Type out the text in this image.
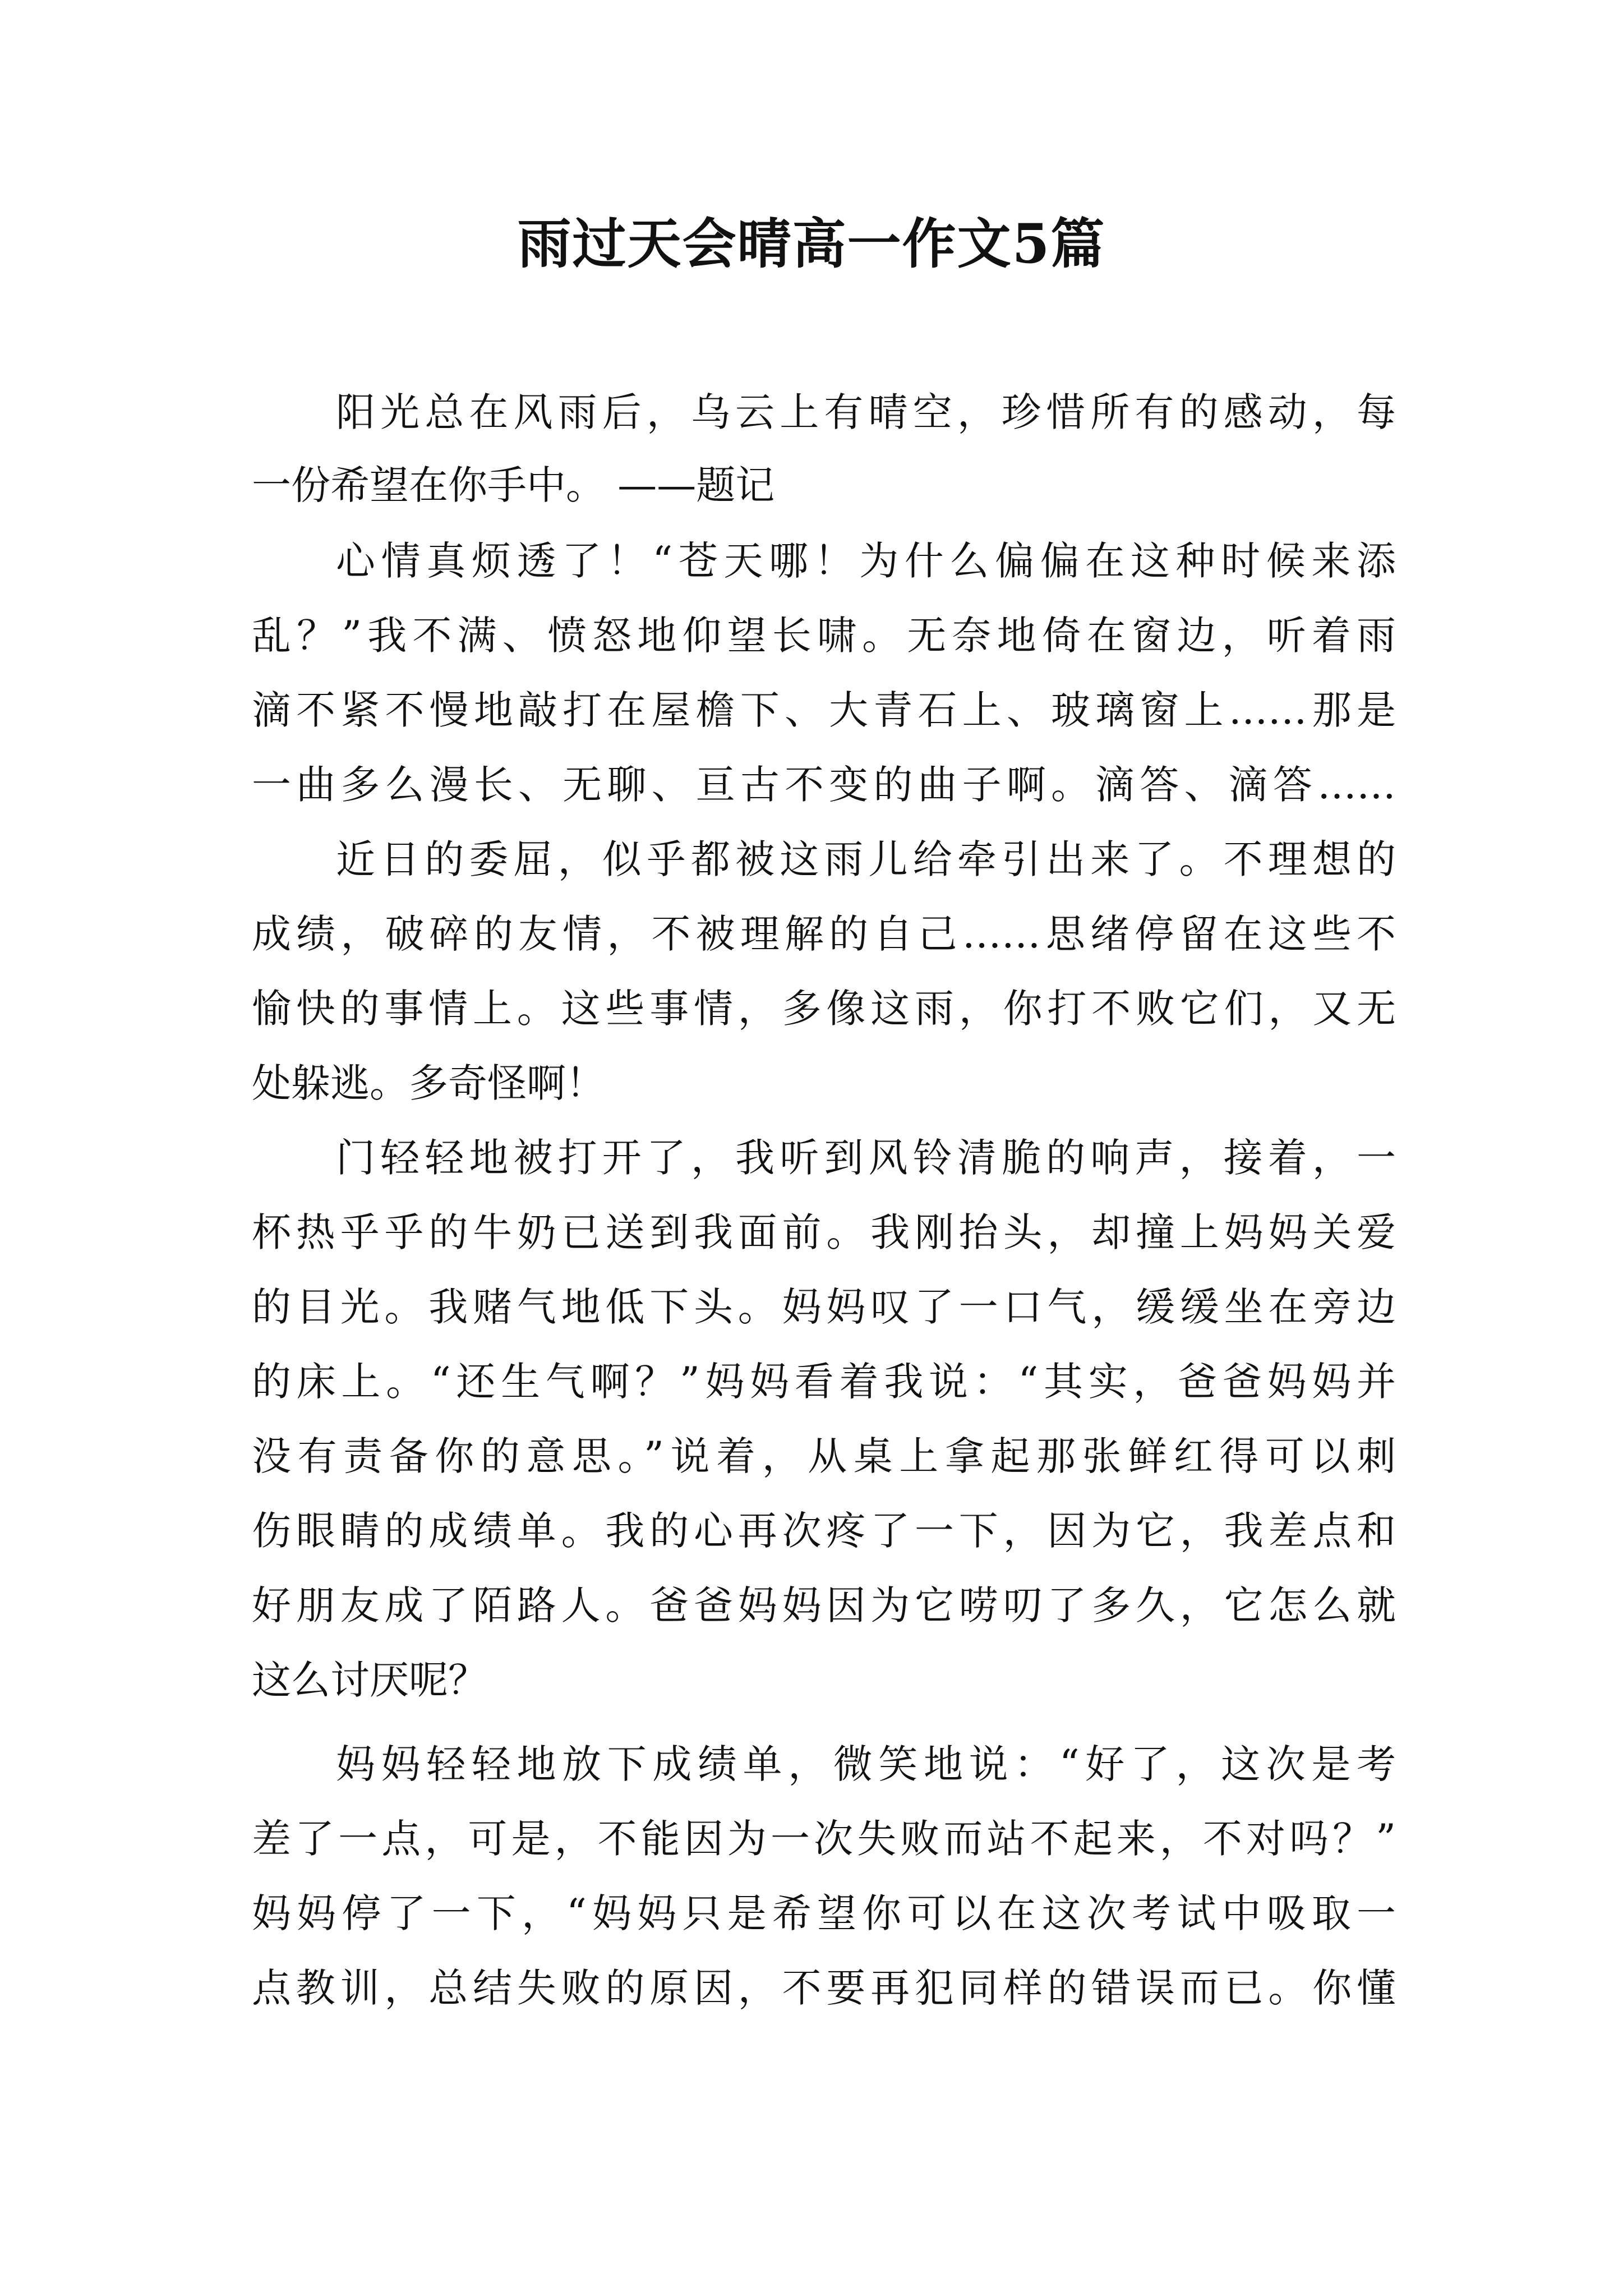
雨过天会晴高一作文5篇
阳光总在风雨后，乌云上有晴空，珍惜所有的感动，每
一份希望在你手中。 ——题记
心情真烦透了！“苍天哪！为什么偏偏在这种时候来添
乱？”我不满、愤怒地仰望长啸。无奈地倚在窗边，听着雨
滴不紧不慢地敲打在屋檐下、大青石上、玻璃窗上……那是
一曲多么漫长、无聊、亘古不变的曲子啊。滴答、滴答……
近日的委屈，似乎都被这雨儿给牵引出来了。不理想的
成绩，破碎的友情，不被理解的自己……思绪停留在这些不
愉快的事情上。这些事情，多像这雨，你打不败它们，又无
处躲逃。多奇怪啊！
门轻轻地被打开了，我听到风铃清脆的响声，接着，一
杯热乎乎的牛奶已送到我面前。我刚抬头，却撞上妈妈关爱
的目光。我赌气地低下头。妈妈叹了一口气，缓缓坐在旁边
的床上。“还生气啊？”妈妈看着我说：“其实，爸爸妈妈并
没有责备你的意思。”说着，从桌上拿起那张鲜红得可以刺
伤眼睛的成绩单。我的心再次疼了一下，因为它，我差点和
好朋友成了陌路人。爸爸妈妈因为它唠叨了多久，它怎么就
这么讨厌呢？
妈妈轻轻地放下成绩单，微笑地说：“好了，这次是考
差了一点，可是，不能因为一次失败而站不起来，不对吗？”
妈妈停了一下，“妈妈只是希望你可以在这次考试中吸取一
点教训，总结失败的原因，不要再犯同样的错误而已。你懂
